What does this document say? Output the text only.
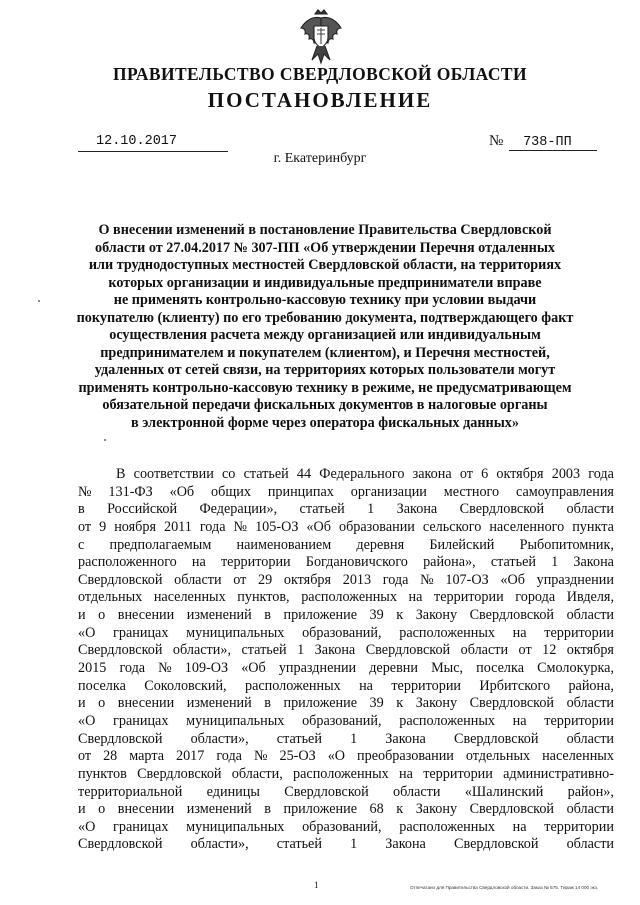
ПРАВИТЕЛЬСТВО СВЕРДЛОВСКОЙ ОБЛАСТИ
ПОСТАНОВЛЕНИЕ
12.10.2017	№ 738-ПП
г. Екатеринбург
О внесении изменений в постановление Правительства Свердловской
области от 27.04.2017 № 307-ПП «Об утверждении Перечня отдаленных
или труднодоступных местностей Свердловской области, на территориях
которых организации и индивидуальные предприниматели вправе
не применять контрольно-кассовую технику при условии выдачи
покупателю (клиенту) по его требованию документа, подтверждающего факт
осуществления расчета между организацией или индивидуальным
предпринимателем и покупателем (клиентом), и Перечня местностей,
удаленных от сетей связи, на территориях которых пользователи могут
применять контрольно-кассовую технику в режиме, не предусматривающем
обязательной передачи фискальных документов в налоговые органы
в электронной форме через оператора фискальных данных»
В соответствии со статьей 44 Федерального закона от 6 октября 2003 года
№ 131-ФЗ «Об общих принципах организации местного самоуправления
в Российской Федерации», статьей 1 Закона Свердловской области
от 9 ноября 2011 года № 105-ОЗ «Об образовании сельского населенного пункта
с предполагаемым наименованием деревня Билейский Рыбопитомник,
расположенного на территории Богдановичского района», статьей 1 Закона
Свердловской области от 29 октября 2013 года № 107-ОЗ «Об упразднении
отдельных населенных пунктов, расположенных на территории города Ивделя,
и о внесении изменений в приложение 39 к Закону Свердловской области
«О границах муниципальных образований, расположенных на территории
Свердловской области», статьей 1 Закона Свердловской области от 12 октября
2015 года № 109-ОЗ «Об упразднении деревни Мыс, поселка Смолокурка,
поселка Соколовский, расположенных на территории Ирбитского района,
и о внесении изменений в приложение 39 к Закону Свердловской области
«О границах муниципальных образований, расположенных на территории
Свердловской области», статьей 1 Закона Свердловской области
от 28 марта 2017 года № 25-ОЗ «О преобразовании отдельных населенных
пунктов Свердловской области, расположенных на территории административно-
территориальной единицы Свердловской области «Шалинский район»,
и о внесении изменений в приложение 68 к Закону Свердловской области
«О границах муниципальных образований, расположенных на территории
Свердловской области», статьей 1 Закона Свердловской области
1	Отпечатано для Правительства Свердловской области. Заказ № 575. Тираж 14 000 экз.
